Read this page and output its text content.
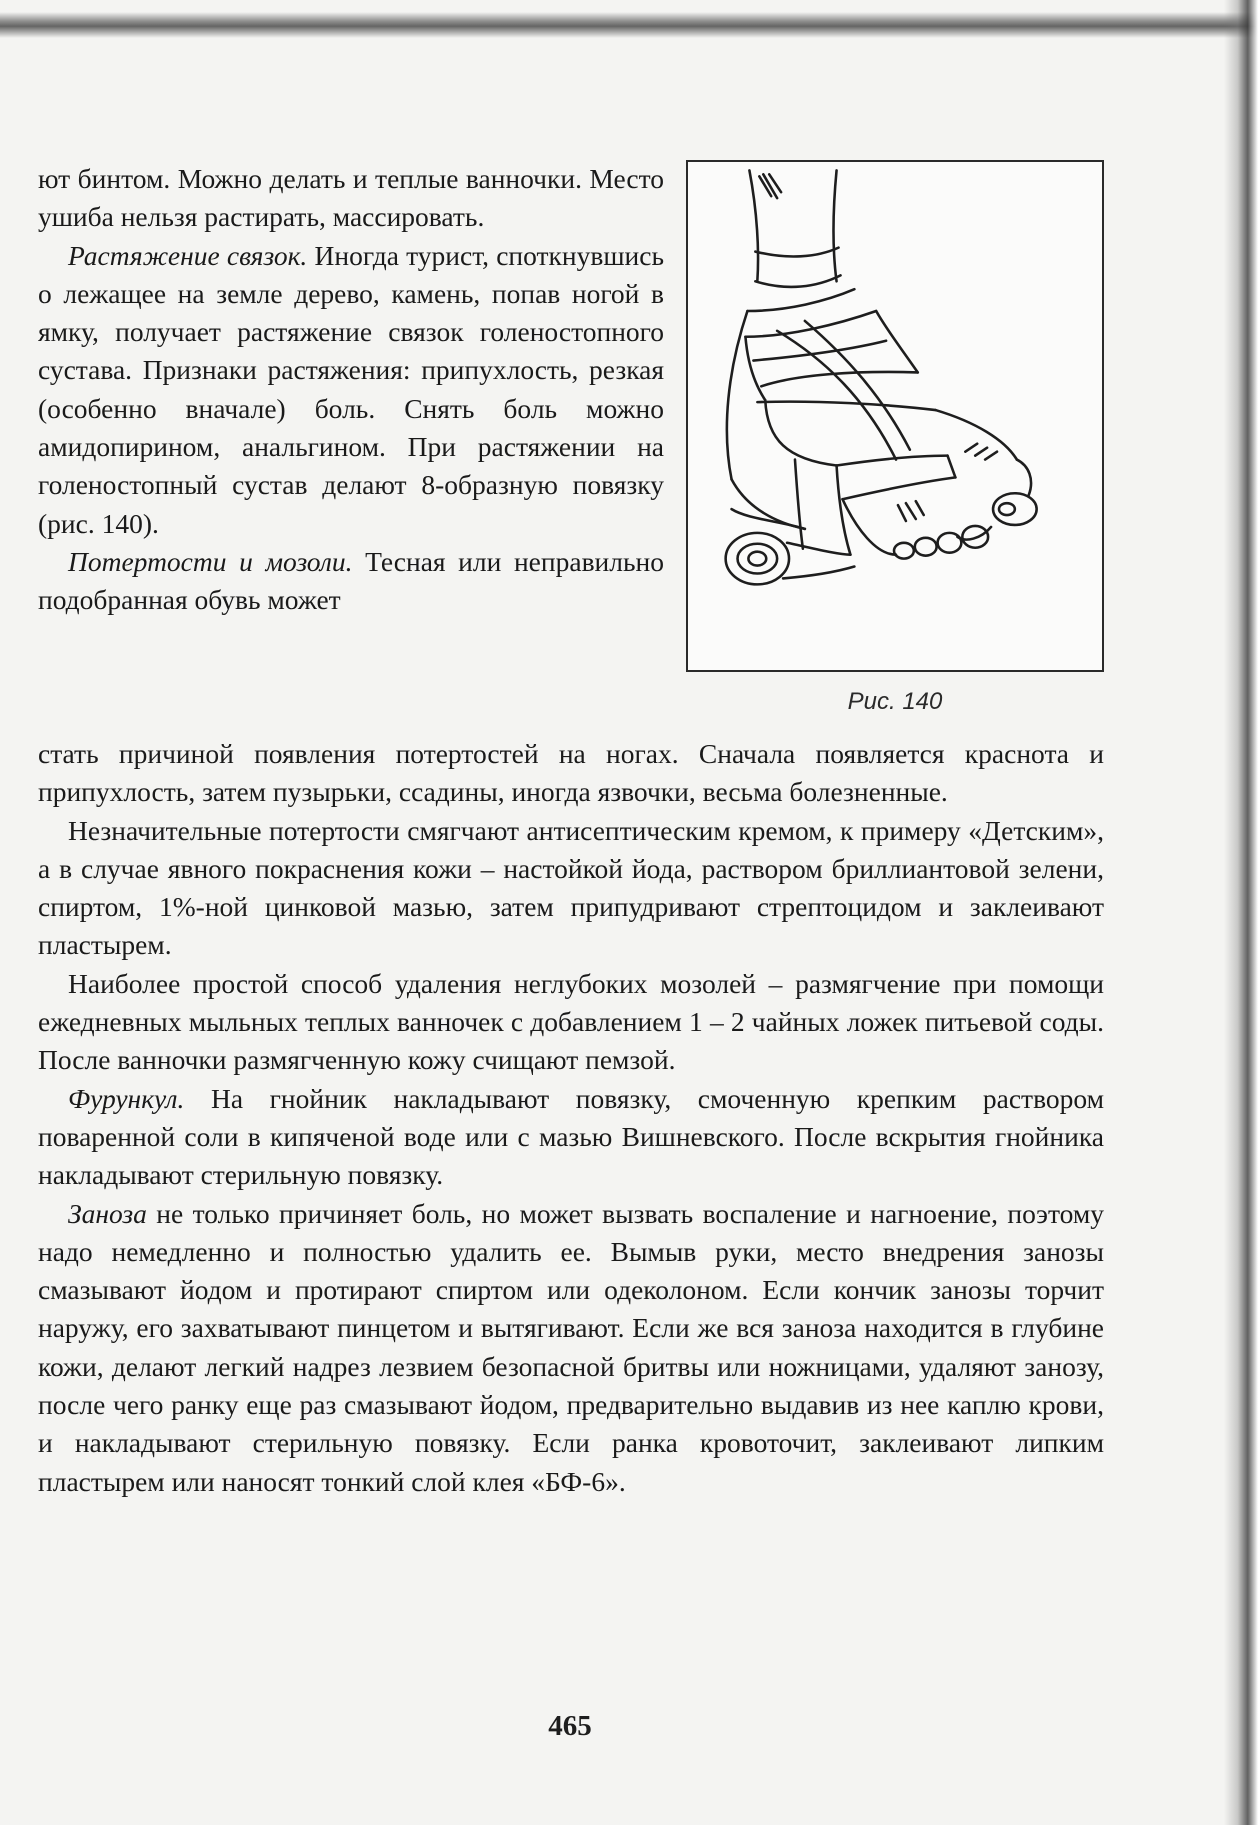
ют бинтом. Можно делать и теплые ванночки. Место ушиба нельзя растирать, массировать.

Растяжение связок. Иногда турист, споткнувшись о лежащее на земле дерево, камень, попав ногой в ямку, получает растяжение связок голеностопного сустава. Признаки растяжения: припухлость, резкая (особенно вначале) боль. Снять боль можно амидопирином, анальгином. При растяжении на голеностопный сустав делают 8-образную повязку (рис. 140).

Потертости и мозоли. Тесная или неправильно подобранная обувь может

Рис. 140

стать причиной появления потертостей на ногах. Сначала появляется краснота и припухлость, затем пузырьки, ссадины, иногда язвочки, весьма болезненные.

Незначительные потертости смягчают антисептическим кремом, к примеру «Детским», а в случае явного покраснения кожи – настойкой йода, раствором бриллиантовой зелени, спиртом, 1%-ной цинковой мазью, затем припудривают стрептоцидом и заклеивают пластырем.

Наиболее простой способ удаления неглубоких мозолей – размягчение при помощи ежедневных мыльных теплых ванночек с добавлением 1 – 2 чайных ложек питьевой соды. После ванночки размягченную кожу счищают пемзой.

Фурункул. На гнойник накладывают повязку, смоченную крепким раствором поваренной соли в кипяченой воде или с мазью Вишневского. После вскрытия гнойника накладывают стерильную повязку.

Заноза не только причиняет боль, но может вызвать воспаление и нагноение, поэтому надо немедленно и полностью удалить ее. Вымыв руки, место внедрения занозы смазывают йодом и протирают спиртом или одеколоном. Если кончик занозы торчит наружу, его захватывают пинцетом и вытягивают. Если же вся заноза находится в глубине кожи, делают легкий надрез лезвием безопасной бритвы или ножницами, удаляют занозу, после чего ранку еще раз смазывают йодом, предварительно выдавив из нее каплю крови, и накладывают стерильную повязку. Если ранка кровоточит, заклеивают липким пластырем или наносят тонкий слой клея «БФ-6».

465
